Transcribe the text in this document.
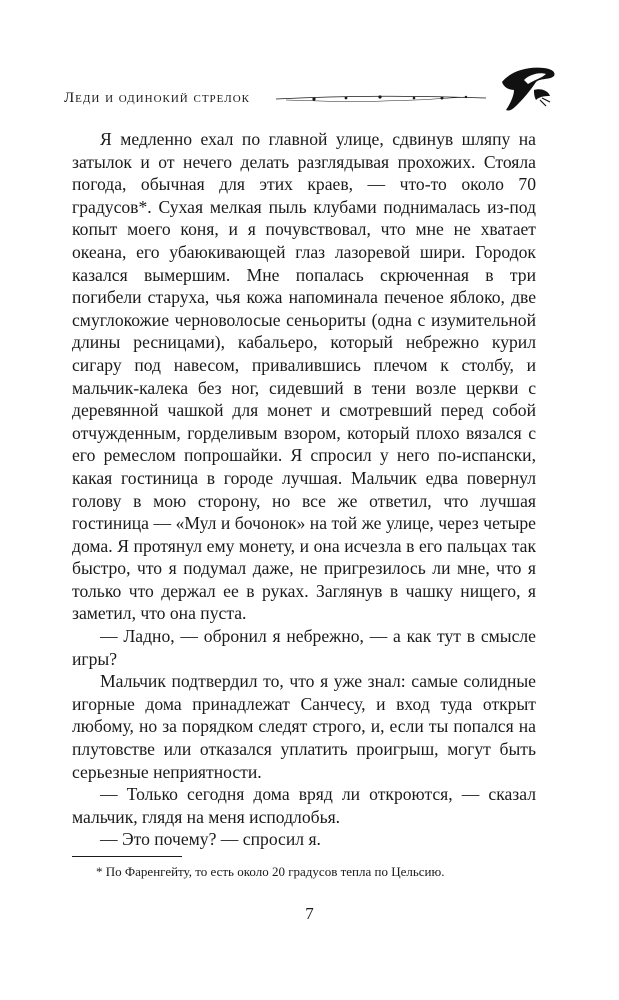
Леди и одинокий стрелок

Я медленно ехал по главной улице, сдвинув шляпу на затылок и от нечего делать разглядывая прохожих. Стояла погода, обычная для этих краев, — что-то около 70 градусов*. Сухая мелкая пыль клубами поднималась из-под копыт моего коня, и я почувствовал, что мне не хватает океана, его убаюкивающей глаз лазоревой шири. Городок казался вымершим. Мне попалась скрюченная в три погибели старуха, чья кожа напоминала печеное яблоко, две смуглокожие черноволосые сеньориты (одна с изумительной длины ресницами), кабальеро, который небрежно курил сигару под навесом, привалившись плечом к столбу, и мальчик-калека без ног, сидевший в тени возле церкви с деревянной чашкой для монет и смотревший перед собой отчужденным, горделивым взором, который плохо вязался с его ремеслом попрошайки. Я спросил у него по-испански, какая гостиница в городе лучшая. Мальчик едва повернул голову в мою сторону, но все же ответил, что лучшая гостиница — «Мул и бочонок» на той же улице, через четыре дома. Я протянул ему монету, и она исчезла в его пальцах так быстро, что я подумал даже, не пригрезилось ли мне, что я только что держал ее в руках. Заглянув в чашку нищего, я заметил, что она пуста.

— Ладно, — обронил я небрежно, — а как тут в смысле игры?

Мальчик подтвердил то, что я уже знал: самые солидные игорные дома принадлежат Санчесу, и вход туда открыт любому, но за порядком следят строго, и, если ты попался на плутовстве или отказался уплатить проигрыш, могут быть серьезные неприятности.

— Только сегодня дома вряд ли откроются, — сказал мальчик, глядя на меня исподлобья.

— Это почему? — спросил я.

* По Фаренгейту, то есть около 20 градусов тепла по Цельсию.
7
